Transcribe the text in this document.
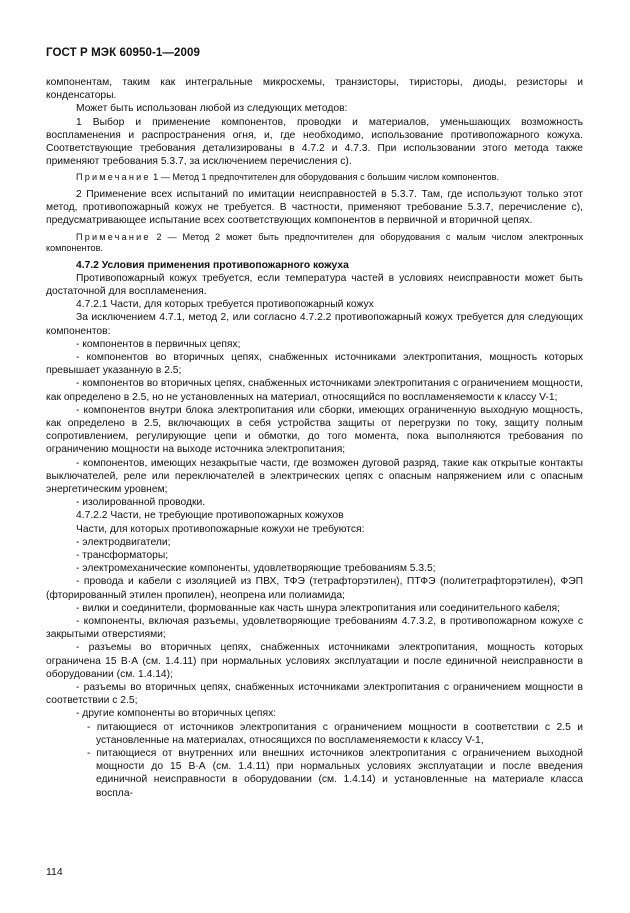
ГОСТ Р МЭК 60950-1—2009

компонентам, таким как интегральные микросхемы, транзисторы, тиристоры, диоды, резисторы и конденсаторы.

Может быть использован любой из следующих методов:

1 Выбор и применение компонентов, проводки и материалов, уменьшающих возможность воспламенения и распространения огня, и, где необходимо, использование противопожарного кожуха. Соответствующие требования детализированы в 4.7.2 и 4.7.3. При использовании этого метода также применяют требования 5.3.7, за исключением перечисления с).

Примечание 1 — Метод 1 предпочтителен для оборудования с большим числом компонентов.

2 Применение всех испытаний по имитации неисправностей в 5.3.7. Там, где используют только этот метод, противопожарный кожух не требуется. В частности, применяют требование 5.3.7, перечисление с), предусматривающее испытание всех соответствующих компонентов в первичной и вторичной цепях.

Примечание 2 — Метод 2 может быть предпочтителен для оборудования с малым числом электронных компонентов.

4.7.2 Условия применения противопожарного кожуха

Противопожарный кожух требуется, если температура частей в условиях неисправности может быть достаточной для воспламенения.

4.7.2.1 Части, для которых требуется противопожарный кожух

За исключением 4.7.1, метод 2, или согласно 4.7.2.2 противопожарный кожух требуется для следующих компонентов:

- компонентов в первичных цепях;

- компонентов во вторичных цепях, снабженных источниками электропитания, мощность которых превышает указанную в 2.5;

- компонентов во вторичных цепях, снабженных источниками электропитания с ограничением мощности, как определено в 2.5, но не установленных на материал, относящийся по воспламеняемости к классу V-1;

- компонентов внутри блока электропитания или сборки, имеющих ограниченную выходную мощность, как определено в 2.5, включающих в себя устройства защиты от перегрузки по току, защиту полным сопротивлением, регулирующие цепи и обмотки, до того момента, пока выполняются требования по ограничению мощности на выходе источника электропитания;

- компонентов, имеющих незакрытые части, где возможен дуговой разряд, такие как открытые контакты выключателей, реле или переключателей в электрических цепях с опасным напряжением или с опасным энергетическим уровнем;

- изолированной проводки.

4.7.2.2 Части, не требующие противопожарных кожухов

Части, для которых противопожарные кожухи не требуются:

- электродвигатели;

- трансформаторы;

- электромеханические компоненты, удовлетворяющие требованиям 5.3.5;

- провода и кабели с изоляцией из ПВХ, ТФЭ (тетрафторэтилен), ПТФЭ (политетрафторэтилен), ФЭП (фторированный этилен пропилен), неопрена или полиамида;

- вилки и соединители, формованные как часть шнура электропитания или соединительного кабеля;

- компоненты, включая разъемы, удовлетворяющие требованиям 4.7.3.2, в противопожарном кожухе с закрытыми отверстиями;

- разъемы во вторичных цепях, снабженных источниками электропитания, мощность которых ограничена 15 В·А (см. 1.4.11) при нормальных условиях эксплуатации и после единичной неисправности в оборудовании (см. 1.4.14);

- разъемы во вторичных цепях, снабженных источниками электропитания с ограничением мощности в соответствии с 2.5;

- другие компоненты во вторичных цепях:

- питающиеся от источников электропитания с ограничением мощности в соответствии с 2.5 и установленные на материалах, относящихся по воспламеняемости к классу V-1,

- питающиеся от внутренних или внешних источников электропитания с ограничением выходной мощности до 15 В·А (см. 1.4.11) при нормальных условиях эксплуатации и после введения единичной неисправности в оборудовании (см. 1.4.14) и установленные на материале класса воспла-

114
